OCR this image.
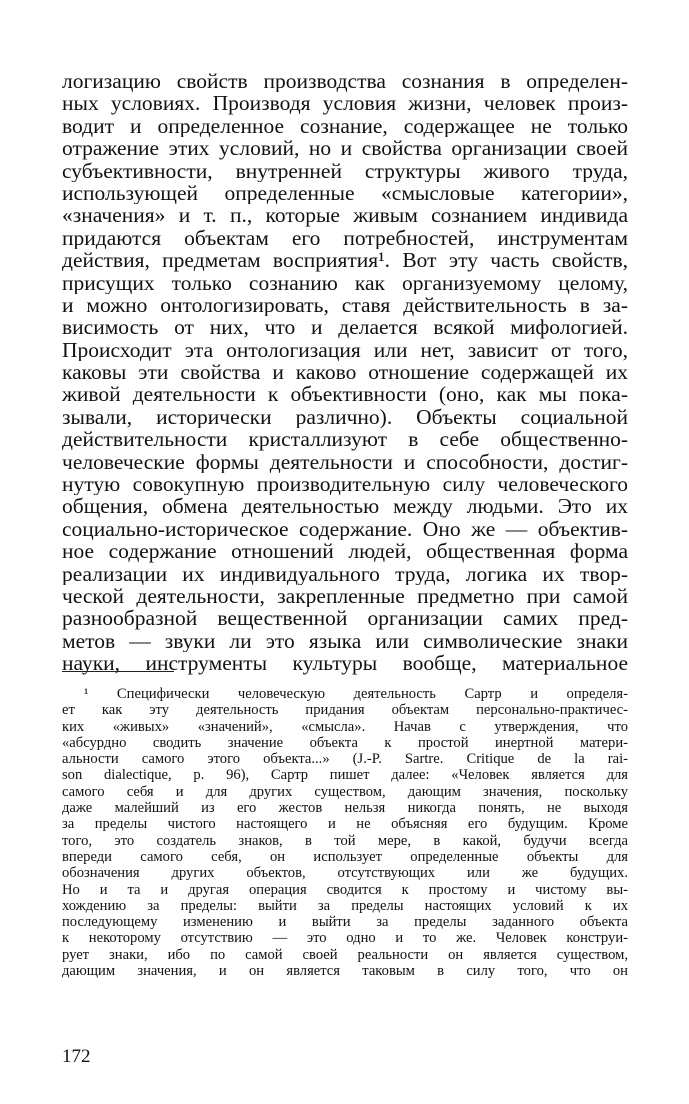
логизацию свойств производства сознания в определен-
ных условиях. Производя условия жизни, человек произ-
водит и определенное сознание, содержащее не только
отражение этих условий, но и свойства организации своей
субъективности, внутренней структуры живого труда,
использующей определенные «смысловые категории»,
«значения» и т. п., которые живым сознанием индивида
придаются объектам его потребностей, инструментам
действия, предметам восприятия¹. Вот эту часть свойств,
присущих только сознанию как организуемому целому,
и можно онтологизировать, ставя действительность в за-
висимость от них, что и делается всякой мифологией.
Происходит эта онтологизация или нет, зависит от того,
каковы эти свойства и каково отношение содержащей их
живой деятельности к объективности (оно, как мы пока-
зывали, исторически различно). Объекты социальной
действительности кристаллизуют в себе общественно-
человеческие формы деятельности и способности, достиг-
нутую совокупную производительную силу человеческого
общения, обмена деятельностью между людьми. Это их
социально-историческое содержание. Оно же — объектив-
ное содержание отношений людей, общественная форма
реализации их индивидуального труда, логика их твор-
ческой деятельности, закрепленные предметно при самой
разнообразной вещественной организации самих пред-
метов — звуки ли это языка или символические знаки
науки, инструменты культуры вообще, материальное
¹ Специфически человеческую деятельность Сартр и определя-
ет как эту деятельность придания объектам персонально-практичес-
ких «живых» «значений», «смысла». Начав с утверждения, что
«абсурдно сводить значение объекта к простой инертной матери-
альности самого этого объекта...» (J.-P. Sartre. Critique de la rai-
son dialectique, p. 96), Сартр пишет далее: «Человек является для
самого себя и для других существом, дающим значения, поскольку
даже малейший из его жестов нельзя никогда понять, не выходя
за пределы чистого настоящего и не объясняя его будущим. Кроме
того, это создатель знаков, в той мере, в какой, будучи всегда
впереди самого себя, он использует определенные объекты для
обозначения других объектов, отсутствующих или же будущих.
Но и та и другая операция сводится к простому и чистому вы-
хождению за пределы: выйти за пределы настоящих условий к их
последующему изменению и выйти за пределы заданного объекта
к некоторому отсутствию — это одно и то же. Человек конструи-
рует знаки, ибо по самой своей реальности он является существом,
дающим значения, и он является таковым в силу того, что он
172
